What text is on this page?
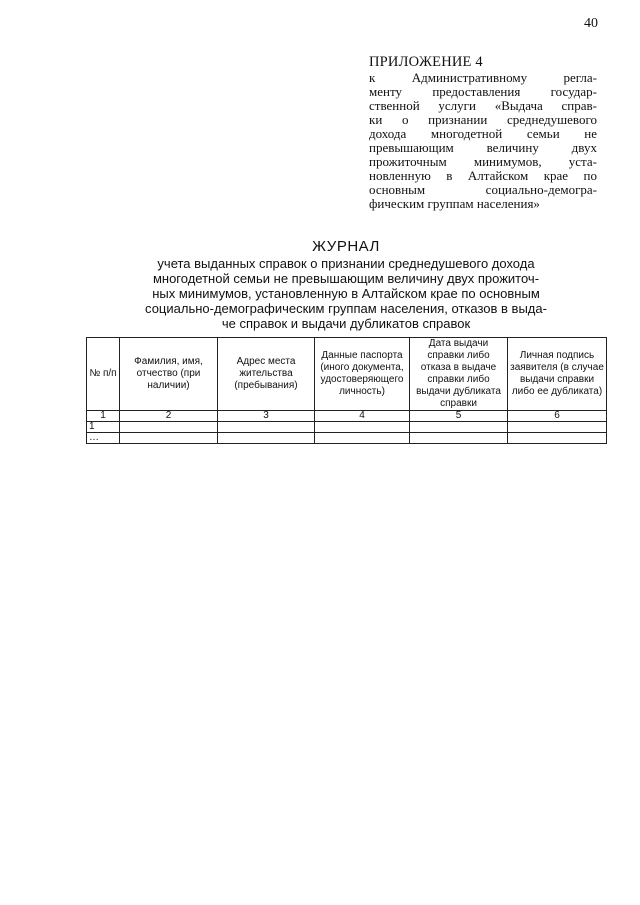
40
ПРИЛОЖЕНИЕ 4
к Административному регла-
менту предоставления государ-
ственной услуги «Выдача справ-
ки о признании среднедушевого
дохода многодетной семьи не
превышающим величину двух
прожиточным минимумов, уста-
новленную в Алтайском крае по
основным социально-демогра-
фическим группам населения»
ЖУРНАЛ
учета выданных справок о признании среднедушевого дохода
многодетной семьи не превышающим величину двух прожиточ-
ных минимумов, установленную в Алтайском крае по основным
социально-демографическим группам населения, отказов в выда-
че справок и выдачи дубликатов справок
№ п/п	Фамилия, имя, отчество (при наличии)	Адрес места жительства (пребывания)	Данные паспорта (иного документа, удостоверяющего личность)	Дата выдачи справки либо отказа в выдаче справки либо выдачи дубликата справки	Личная подпись заявителя (в случае выдачи справки либо ее дубликата)
1	2	3	4	5	6
1					
…					
